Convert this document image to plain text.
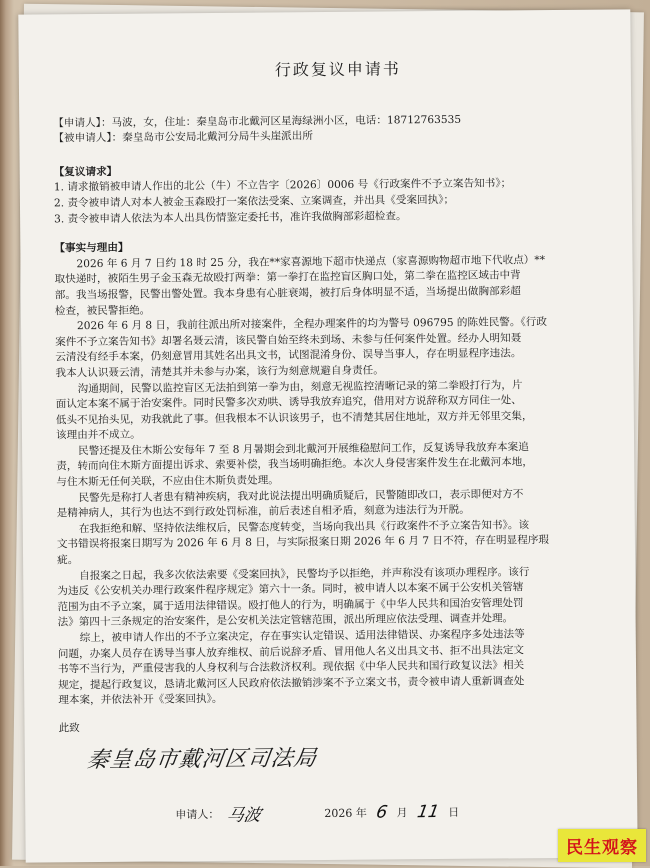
行政复议申请书
【申请人】：马波，女，住址：秦皇岛市北戴河区星海绿洲小区，电话：18712763535
【被申请人】：秦皇岛市公安局北戴河分局牛头崖派出所
【复议请求】
1. 请求撤销被申请人作出的北公（牛）不立告字〔2026〕0006 号《行政案件不予立案告知书》；
2. 责令被申请人对本人被金玉森殴打一案依法受案、立案调查，并出具《受案回执》；
3. 责令被申请人依法为本人出具伤情鉴定委托书，准许我做胸部彩超检查。
【事实与理由】
2026 年 6 月 7 日约 18 时 25 分，我在**家喜源地下超市快递点（家喜源购物超市地下代收点）**
取快递时，被陌生男子金玉森无故殴打两拳：第一拳打在监控盲区胸口处，第二拳在监控区域击中背
部。我当场报警，民警出警处置。我本身患有心脏衰竭，被打后身体明显不适，当场提出做胸部彩超
检查，被民警拒绝。
2026 年 6 月 8 日，我前往派出所对接案件，全程办理案件的均为警号 096795 的陈姓民警。《行政
案件不予立案告知书》却署名聂云清，该民警自始至终未到场、未参与任何案件处置。经办人明知聂
云清没有经手本案，仍刻意冒用其姓名出具文书，试图混淆身份、误导当事人，存在明显程序违法。
我本人认识聂云清，清楚其并未参与办案，该行为刻意规避自身责任。
沟通期间，民警以监控盲区无法拍到第一拳为由，刻意无视监控清晰记录的第二拳殴打行为，片
面认定本案不属于治安案件。同时民警多次劝哄、诱导我放弃追究，借用对方说辞称双方同住一处、
低头不见抬头见，劝我就此了事。但我根本不认识该男子，也不清楚其居住地址，双方并无邻里交集，
该理由并不成立。
民警还提及住木斯公安每年 7 至 8 月暑期会到北戴河开展维稳慰问工作，反复诱导我放弃本案追
责，转而向住木斯方面提出诉求、索要补偿，我当场明确拒绝。本次人身侵害案件发生在北戴河本地，
与住木斯无任何关联，不应由住木斯负责处理。
民警先是称打人者患有精神疾病，我对此说法提出明确质疑后，民警随即改口，表示即便对方不
是精神病人，其行为也达不到行政处罚标准，前后表述自相矛盾，刻意为违法行为开脱。
在我拒绝和解、坚持依法维权后，民警态度转变，当场向我出具《行政案件不予立案告知书》。该
文书错误将报案日期写为 2026 年 6 月 8 日，与实际报案日期 2026 年 6 月 7 日不符，存在明显程序瑕
疵。
自报案之日起，我多次依法索要《受案回执》，民警均予以拒绝，并声称没有该项办理程序。该行
为违反《公安机关办理行政案件程序规定》第六十一条。同时，被申请人以本案不属于公安机关管辖
范围为由不予立案，属于适用法律错误。殴打他人的行为，明确属于《中华人民共和国治安管理处罚
法》第四十三条规定的治安案件，是公安机关法定管辖范围，派出所理应依法受理、调查并处理。
综上，被申请人作出的不予立案决定，存在事实认定错误、适用法律错误、办案程序多处违法等
问题，办案人员存在诱导当事人放弃维权、前后说辞矛盾、冒用他人名义出具文书、拒不出具法定文
书等不当行为，严重侵害我的人身权利与合法救济权利。现依据《中华人民共和国行政复议法》相关
规定，提起行政复议，恳请北戴河区人民政府依法撤销涉案不予立案文书，责令被申请人重新调查处
理本案，并依法补开《受案回执》。
此致
秦皇岛市戴河区司法局
申请人： 马波	2026 年 6 月 11 日
民生观察
